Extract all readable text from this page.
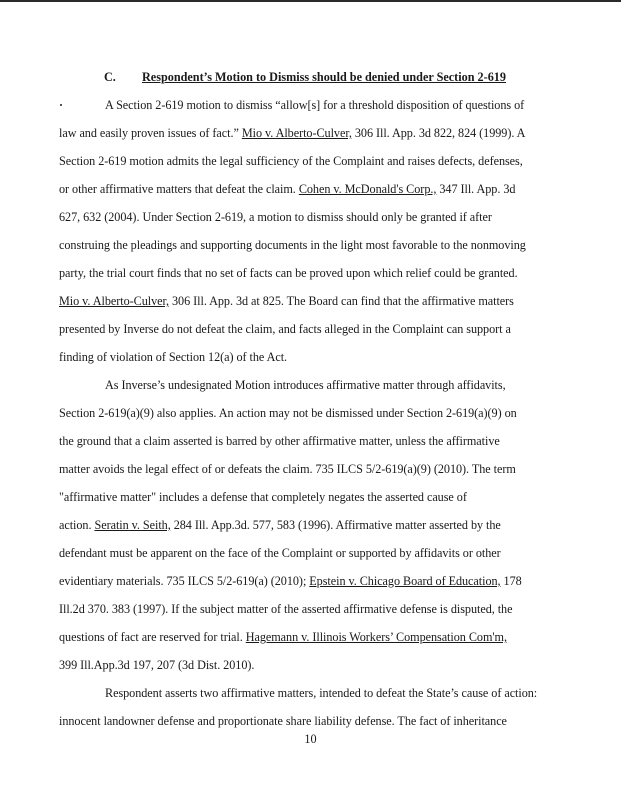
C. Respondent’s Motion to Dismiss should be denied under Section 2-619
A Section 2-619 motion to dismiss “allow[s] for a threshold disposition of questions of
law and easily proven issues of fact.” Mio v. Alberto-Culver, 306 Ill. App. 3d 822, 824 (1999). A
Section 2-619 motion admits the legal sufficiency of the Complaint and raises defects, defenses,
or other affirmative matters that defeat the claim. Cohen v. McDonald's Corp., 347 Ill. App. 3d
627, 632 (2004). Under Section 2-619, a motion to dismiss should only be granted if after
construing the pleadings and supporting documents in the light most favorable to the nonmoving
party, the trial court finds that no set of facts can be proved upon which relief could be granted.
Mio v. Alberto-Culver, 306 Ill. App. 3d at 825. The Board can find that the affirmative matters
presented by Inverse do not defeat the claim, and facts alleged in the Complaint can support a
finding of violation of Section 12(a) of the Act.
As Inverse’s undesignated Motion introduces affirmative matter through affidavits,
Section 2-619(a)(9) also applies. An action may not be dismissed under Section 2-619(a)(9) on
the ground that a claim asserted is barred by other affirmative matter, unless the affirmative
matter avoids the legal effect of or defeats the claim. 735 ILCS 5/2-619(a)(9) (2010). The term
"affirmative matter" includes a defense that completely negates the asserted cause of
action. Seratin v. Seith, 284 Ill. App.3d. 577, 583 (1996). Affirmative matter asserted by the
defendant must be apparent on the face of the Complaint or supported by affidavits or other
evidentiary materials. 735 ILCS 5/2-619(a) (2010); Epstein v. Chicago Board of Education, 178
Ill.2d 370. 383 (1997). If the subject matter of the asserted affirmative defense is disputed, the
questions of fact are reserved for trial. Hagemann v. Illinois Workers’ Compensation Com'm,
399 Ill.App.3d 197, 207 (3d Dist. 2010).
Respondent asserts two affirmative matters, intended to defeat the State’s cause of action:
innocent landowner defense and proportionate share liability defense. The fact of inheritance
10
